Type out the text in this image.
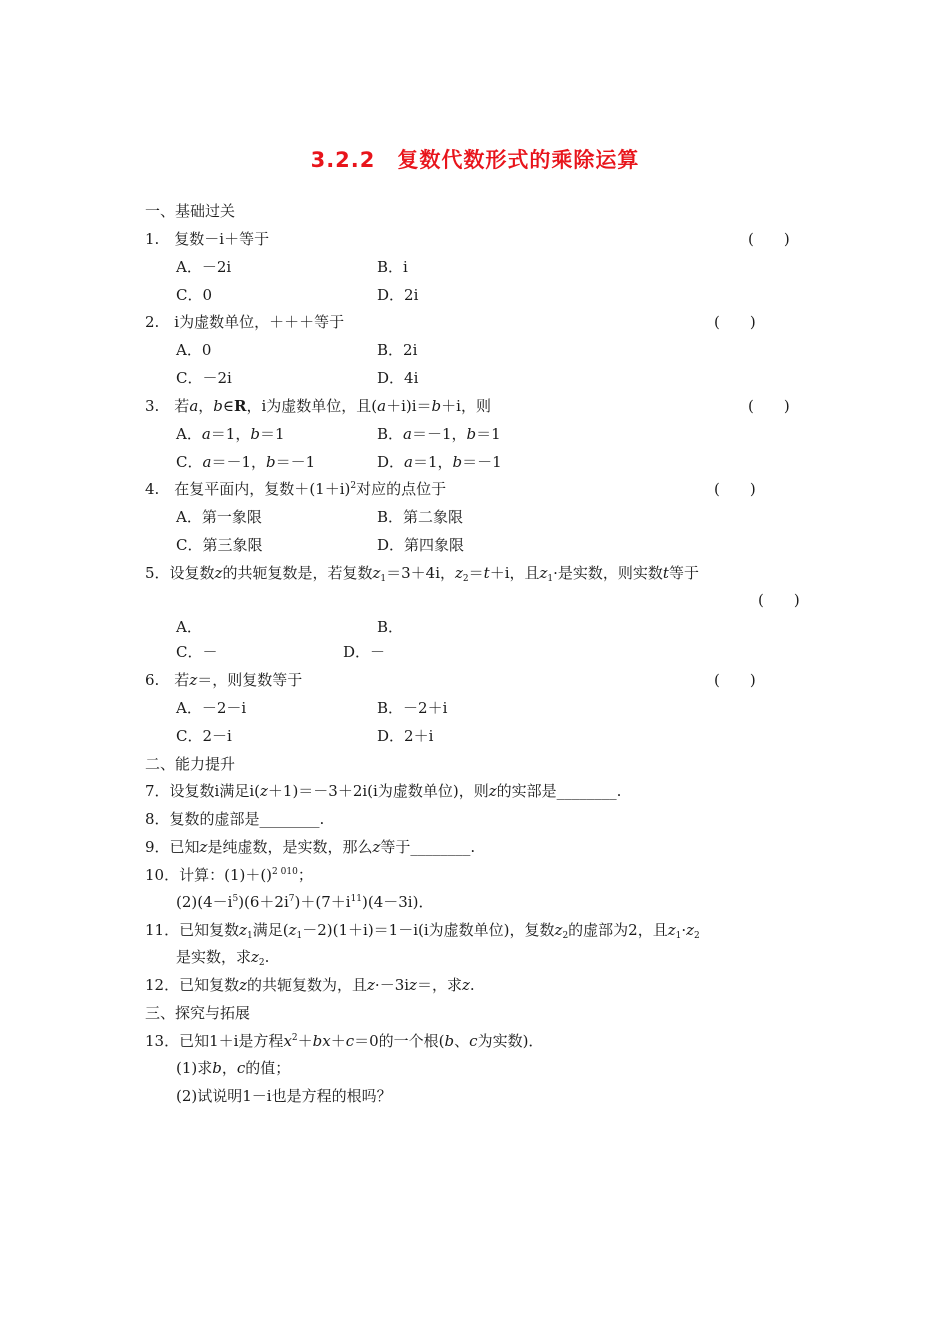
3.2.2　复数代数形式的乘除运算
一、基础过关
1.　复数－i＋等于	(　　)
A．－2i	B．i
C．0	D．2i
2.　i为虚数单位，＋＋＋等于	(　　)
A．0	B．2i
C．－2i	D．4i
3.　若a，b∈R，i为虚数单位，且(a＋i)i＝b＋i，则	(　　)
A．a＝1，b＝1	B．a＝－1，b＝1
C．a＝－1，b＝－1	D．a＝1，b＝－1
4.　在复平面内，复数$+(1+i)^2$对应的点位于	(　　)
A．第一象限	B．第二象限
C．第三象限	D．第四象限
5．设复数z的共轭复数是，若复数$z_1=3+4i$，$z_2=t+i$，且$z_1\cdot$是实数，则实数t等于
(　　)
A．	B．
C．－	D．－
6.　若z＝，则复数等于	(　　)
A．－2－i	B．－2＋i
C．2－i	D．2＋i
二、能力提升
7．设复数i满足i(z＋1)＝－3＋2i(i为虚数单位)，则z的实部是________.
8．复数的虚部是________.
9．已知z是纯虚数，是实数，那么z等于________.
10．计算：(1)＋()$^{2 010}$；
$(2)(4-i^5)(6+2i^7)+(7+i^{11})(4-3i)$．
11．已知复数$z_1$满足$(z_1-2)(1+i)=1-i(i$为虚数单位)，复数$z_2$的虚部为2，且$z_1\cdot z_2$
是实数，求$z_2$.
12．已知复数z的共轭复数为，且z·－3iz＝，求z.
三、探究与拓展
13．已知1＋i是方程$x^2+bx+c=0$的一个根(b、c为实数)．
(1)求b，c的值；
(2)试说明1－i也是方程的根吗？
